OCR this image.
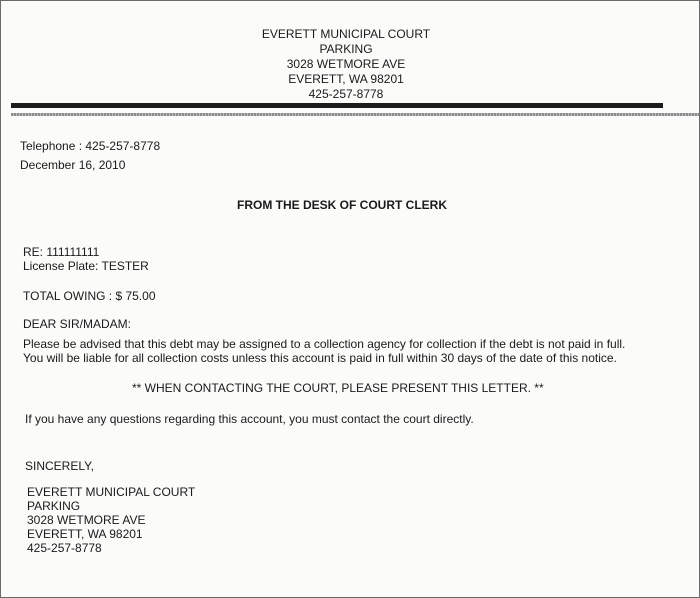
EVERETT MUNICIPAL COURT
PARKING
3028 WETMORE AVE
EVERETT, WA 98201
425-257-8778
Telephone : 425-257-8778
December 16, 2010
FROM THE DESK OF COURT CLERK
RE: 111111111
License Plate: TESTER
TOTAL OWING : $ 75.00
DEAR SIR/MADAM:
Please be advised that this debt may be assigned to a collection agency for collection if the debt is not paid in full.
You will be liable for all collection costs unless this account is paid in full within 30 days of the date of this notice.
** WHEN CONTACTING THE COURT, PLEASE PRESENT THIS LETTER. **
If you have any questions regarding this account, you must contact the court directly.
SINCERELY,
EVERETT MUNICIPAL COURT
PARKING
3028 WETMORE AVE
EVERETT, WA 98201
425-257-8778
